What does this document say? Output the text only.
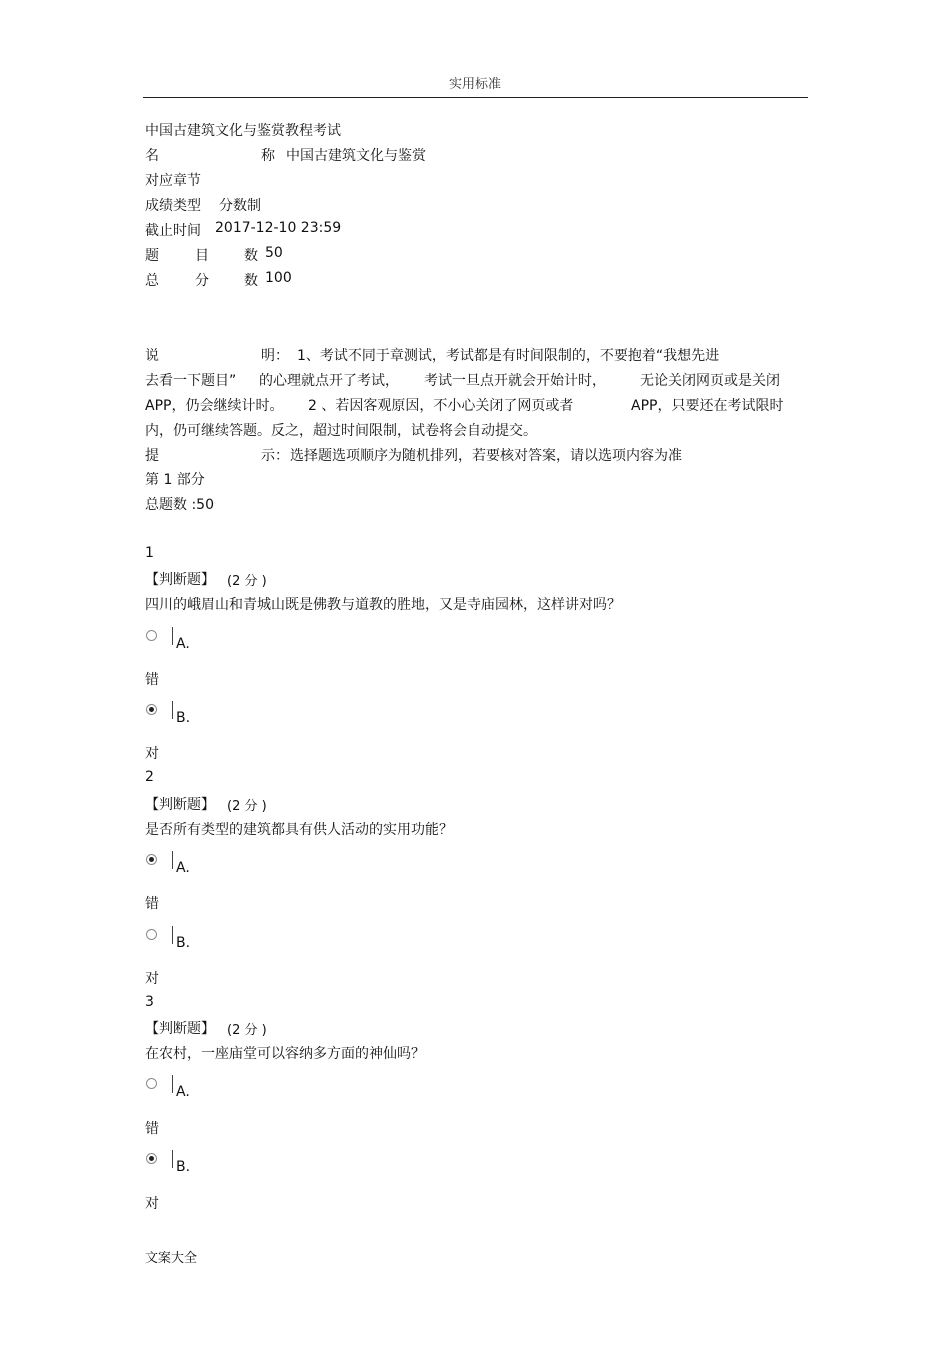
实用标准
中国古建筑文化与鉴赏教程考试
名	称 中国古建筑文化与鉴赏
对应章节
成绩类型 分数制
截止时间 2017-12-10 23:59
题	目	数 50
总	分	数 100
说	明： 1、考试不同于章测试，考试都是有时间限制的，不要抱着“我想先进
去看一下题目” 的心理就点开了考试， 考试一旦点开就会开始计时， 无论关闭网页或是关闭
APP，仍会继续计时。 2 、若因客观原因，不小心关闭了网页或者	APP，只要还在考试限时
内，仍可继续答题。反之，超过时间限制，试卷将会自动提交。
提	示： 选择题选项顺序为随机排列，若要核对答案，请以选项内容为准
第 1 部分
总题数 :50
1
【判断题】 (2 分 )
四川的峨眉山和青城山既是佛教与道教的胜地，又是寺庙园林，这样讲对吗？
A.
错
B.
对
2
【判断题】 (2 分 )
是否所有类型的建筑都具有供人活动的实用功能？
A.
错
B.
对
3
【判断题】 (2 分 )
在农村，一座庙堂可以容纳多方面的神仙吗？
A.
错
B.
对
文案大全
